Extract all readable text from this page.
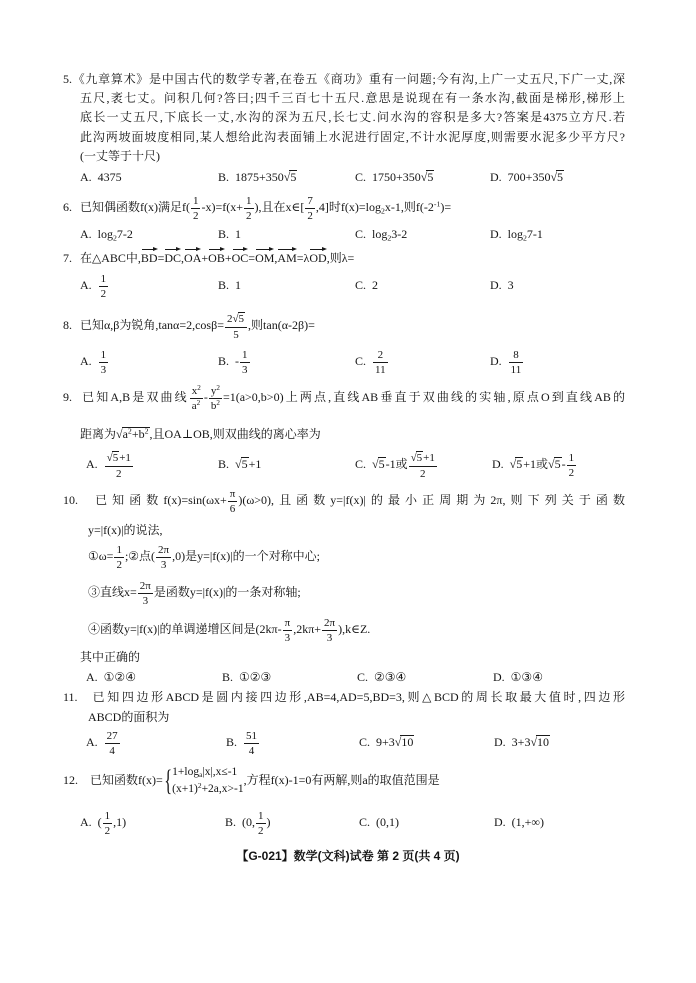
5.《九章算术》是中国古代的数学专著,在卷五《商功》重有一问题;今有沟,上广一丈五尺,下广一丈,深
五尺,袤七丈。问积几何?答曰;四千三百七十五尺.意思是说现在有一条水沟,截面是梯形,梯形上
底长一丈五尺,下底长一丈,水沟的深为五尺,长七丈.问水沟的容积是多大?答案是4375立方尺.若
此沟两坡面坡度相同,某人想给此沟表面铺上水泥进行固定,不计水泥厚度,则需要水泥多少平方尺?
(一丈等于十尺)
A. 4375	B. 1875+350√5	C. 1750+350√5	D. 700+350√5
6. 已知偶函数f(x)满足$f( \frac{1}{2} -x)=f(x+ \frac{1}{2}$ ),且在x∈[ $\frac{7}{2} ,4$]时$f(x)=\log_2x-1$,则$f(-2^{-1})=$
A. $\log_27-2$	B. 1	C. $\log_23-2$	D. $\log_27-1$
7. 在△ABC中,BD=DC,OA+OB+OC=OM,AM=λOD,则λ=
A. $\frac{1}{2}$	B. 1	C. 2	D. 3
8. 已知α,β为锐角$,\tan\alpha=2,\cos\beta= \frac{2√5}{5}$ ,则tan(α-2β)=
A. $\frac{1}{3}$	B. - $\frac{1}{3}$	C. $\frac{2}{11}$	D. $\frac{8}{11}$
9. 已知A,B是双曲线 $\frac{x^2}{a^2} - \frac{y^2}{b^2} =1(a>0,b>0)$上两点,直线AB垂直于双曲线的实轴,原点O到直线AB的
距离为$√a^2+b^2$,且OA⊥OB,则双曲线的离心率为
A. $\frac{√5+1}{2}$	B. √5+1	C. √5-1或 $\frac{√5+1}{2}$	D. √5+1或$√5- \frac{1}{2}$
10. 已知函数$f(x)=\sin(\omega x+ \frac{\pi}{6} )(\omega>0)$,且函数y=|f(x)|的最小正周期为2π,则下列关于函数
y=|f(x)|的说法,
①ω= $\frac{1}{2}$ ;②点( $\frac{2\pi}{3} ,0$)是y=|f(x)|的一个对称中心;
③直线$x= \frac{2\pi}{3}$ 是函数y=|f(x)|的一条对称轴;
④函数y=|f(x)|的单调递增区间是($2k\pi- \frac{\pi}{3} ,2k\pi+ \frac{2\pi}{3}$ ),k∈Z.
其中正确的
A. ①②④	B. ①②③	C. ②③④	D. ①③④
11. 已知四边形ABCD是圆内接四边形,AB=4,AD=5,BD=3,则△BCD的周长取最大值时,四边形
ABCD的面积为
A. $\frac{27}{4}$	B. $\frac{51}{4}$	C. 9+3√10	D. 3+3√10
12. 已知函数f(x)={ $1+\log_a|x|,x\le-1$
$(x+1)^2+2a,x>-1$
,方程f(x)-1=0有两解,则a的取值范围是
A. ( $\frac{1}{2} ,1$)	B. (0, $\frac{1}{2}$ )	C. (0,1)	D. (1,+∞)
【G-021】数学(文科)试卷 第 2 页(共 4 页)
